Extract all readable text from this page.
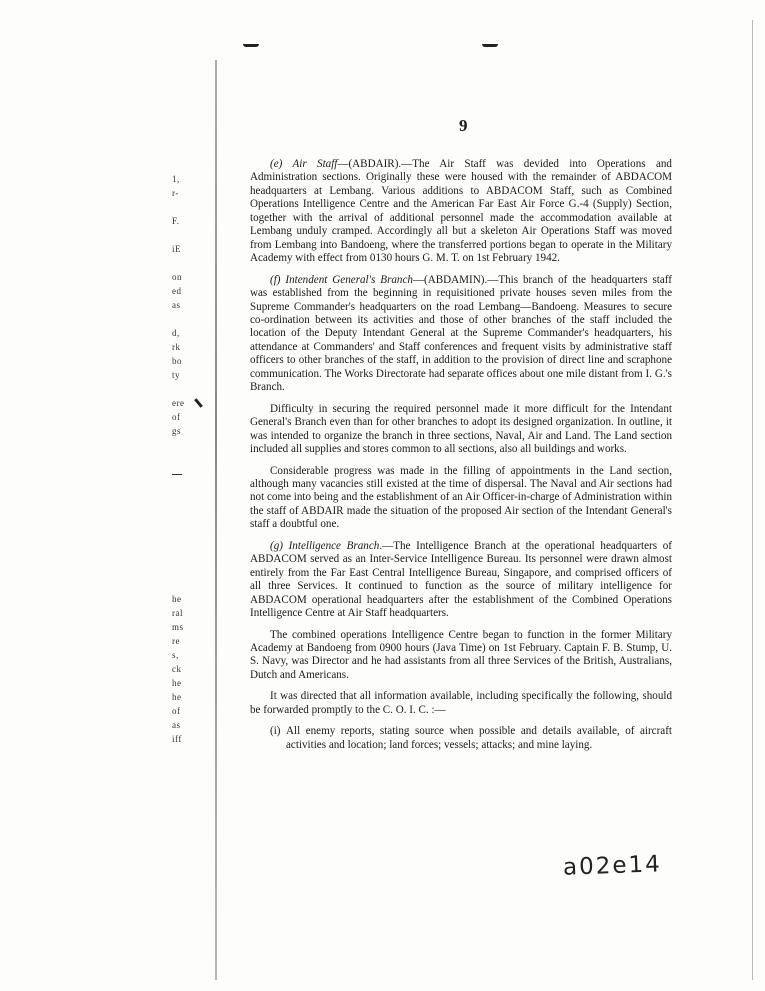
1,
r-

F.

iE

on
ed
as

d,
rk
bo
ty

ere
of
gs
he
ral
ms
re
s,
ck
he
he
of
as
iff
9

(e) Air Staff—(ABDAIR).—The Air Staff was devided into Operations and Administration sections. Originally these were housed with the remainder of ABDACOM headquarters at Lembang. Various additions to ABDACOM Staff, such as Combined Operations Intelligence Centre and the American Far East Air Force G.-4 (Supply) Section, together with the arrival of additional personnel made the accommodation available at Lembang unduly cramped. Accordingly all but a skeleton Air Operations Staff was moved from Lembang into Bandoeng, where the transferred portions began to operate in the Military Academy with effect from 0130 hours G. M. T. on 1st February 1942.

(f) Intendent General's Branch—(ABDAMIN).—This branch of the headquarters staff was established from the beginning in requisitioned private houses seven miles from the Supreme Commander's headquarters on the road Lembang—Bandoeng. Measures to secure co-ordination between its activities and those of other branches of the staff included the location of the Deputy Intendant General at the Supreme Commander's headquarters, his attendance at Commanders' and Staff conferences and frequent visits by administrative staff officers to other branches of the staff, in addition to the provision of direct line and scraphone communication. The Works Directorate had separate offices about one mile distant from I. G.'s Branch.

Difficulty in securing the required personnel made it more difficult for the Intendant General's Branch even than for other branches to adopt its designed organization. In outline, it was intended to organize the branch in three sections, Naval, Air and Land. The Land section included all supplies and stores common to all sections, also all buildings and works.

Considerable progress was made in the filling of appointments in the Land section, although many vacancies still existed at the time of dispersal. The Naval and Air sections had not come into being and the establishment of an Air Officer-in-charge of Administration within the staff of ABDAIR made the situation of the proposed Air section of the Intendant General's staff a doubtful one.

(g) Intelligence Branch.—The Intelligence Branch at the operational headquarters of ABDACOM served as an Inter-Service Intelligence Bureau. Its personnel were drawn almost entirely from the Far East Central Intelligence Bureau, Singapore, and comprised officers of all three Services. It continued to function as the source of military intelligence for ABDACOM operational headquarters after the establishment of the Combined Operations Intelligence Centre at Air Staff headquarters.

The combined operations Intelligence Centre began to function in the former Military Academy at Bandoeng from 0900 hours (Java Time) on 1st February. Captain F. B. Stump, U. S. Navy, was Director and he had assistants from all three Services of the British, Australians, Dutch and Americans.

It was directed that all information available, including specifically the following, should be forwarded promptly to the C. O. I. C. :—

(i) All enemy reports, stating source when possible and details available, of aircraft activities and location; land forces; vessels; attacks; and mine laying.

a02e14
